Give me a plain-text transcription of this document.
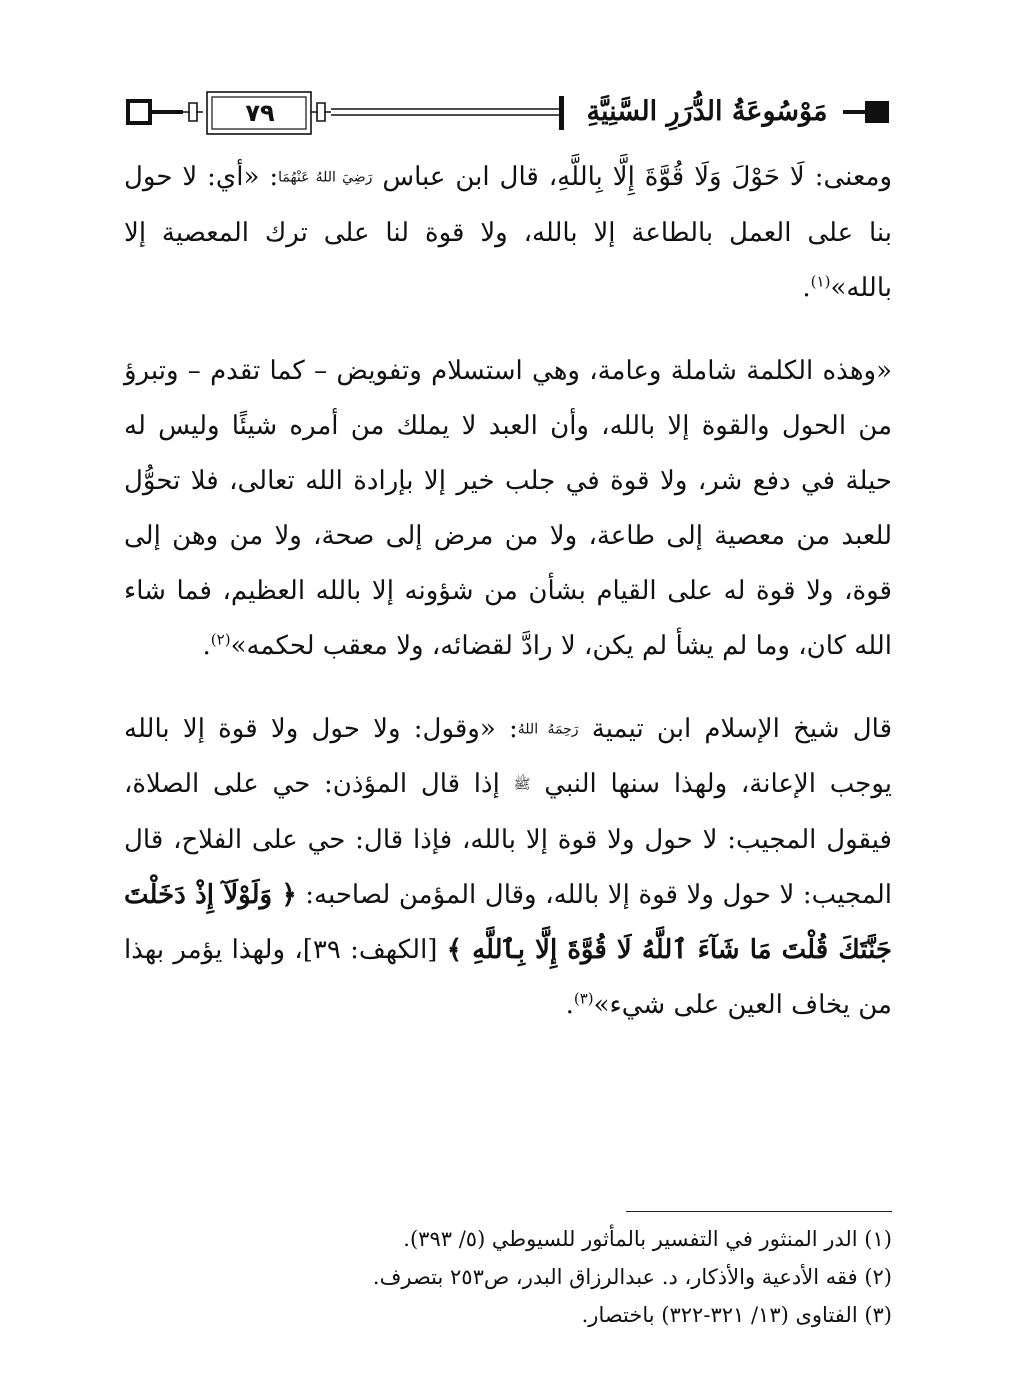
٧٩	مَوْسُوعَةُ الدُّرَرِ السَّنِيَّةِ

ومعنى: لَا حَوْلَ وَلَا قُوَّةَ إِلَّا بِاللَّهِ، قال ابن عباس رَضِيَ اللهُ عَنْهُمَا: «أي: لا حول بنا على العمل بالطاعة إلا بالله، ولا قوة لنا على ترك المعصية إلا بالله»$^{(١)}$.

«وهذه الكلمة شاملة وعامة، وهي استسلام وتفويض – كما تقدم – وتبرؤ من الحول والقوة إلا بالله، وأن العبد لا يملك من أمره شيئًا وليس له حيلة في دفع شر، ولا قوة في جلب خير إلا بإرادة الله تعالى، فلا تحوُّل للعبد من معصية إلى طاعة، ولا من مرض إلى صحة، ولا من وهن إلى قوة، ولا قوة له على القيام بشأن من شؤونه إلا بالله العظيم، فما شاء الله كان، وما لم يشأ لم يكن، لا رادَّ لقضائه، ولا معقب لحكمه»$^{(٢)}$.

قال شيخ الإسلام ابن تيمية رَحِمَهُ اللهُ: «وقول: ولا حول ولا قوة إلا بالله يوجب الإعانة، ولهذا سنها النبي ﷺ إذا قال المؤذن: حي على الصلاة، فيقول المجيب: لا حول ولا قوة إلا بالله، فإذا قال: حي على الفلاح، قال المجيب: لا حول ولا قوة إلا بالله، وقال المؤمن لصاحبه: ﴿ وَلَوْلَآ إِذْ دَخَلْتَ جَنَّتَكَ قُلْتَ مَا شَآءَ ٱللَّهُ لَا قُوَّةَ إِلَّا بِٱللَّهِ ﴾ [الكهف: ٣٩]، ولهذا يؤمر بهذا من يخاف العين على شيء»$^{(٣)}$.

(١) الدر المنثور في التفسير بالمأثور للسيوطي (٥/ ٣٩٣).
(٢) فقه الأدعية والأذكار، د. عبدالرزاق البدر، ص٢٥٣ بتصرف.
(٣) الفتاوى (١٣/ ٣٢١-٣٢٢) باختصار.
